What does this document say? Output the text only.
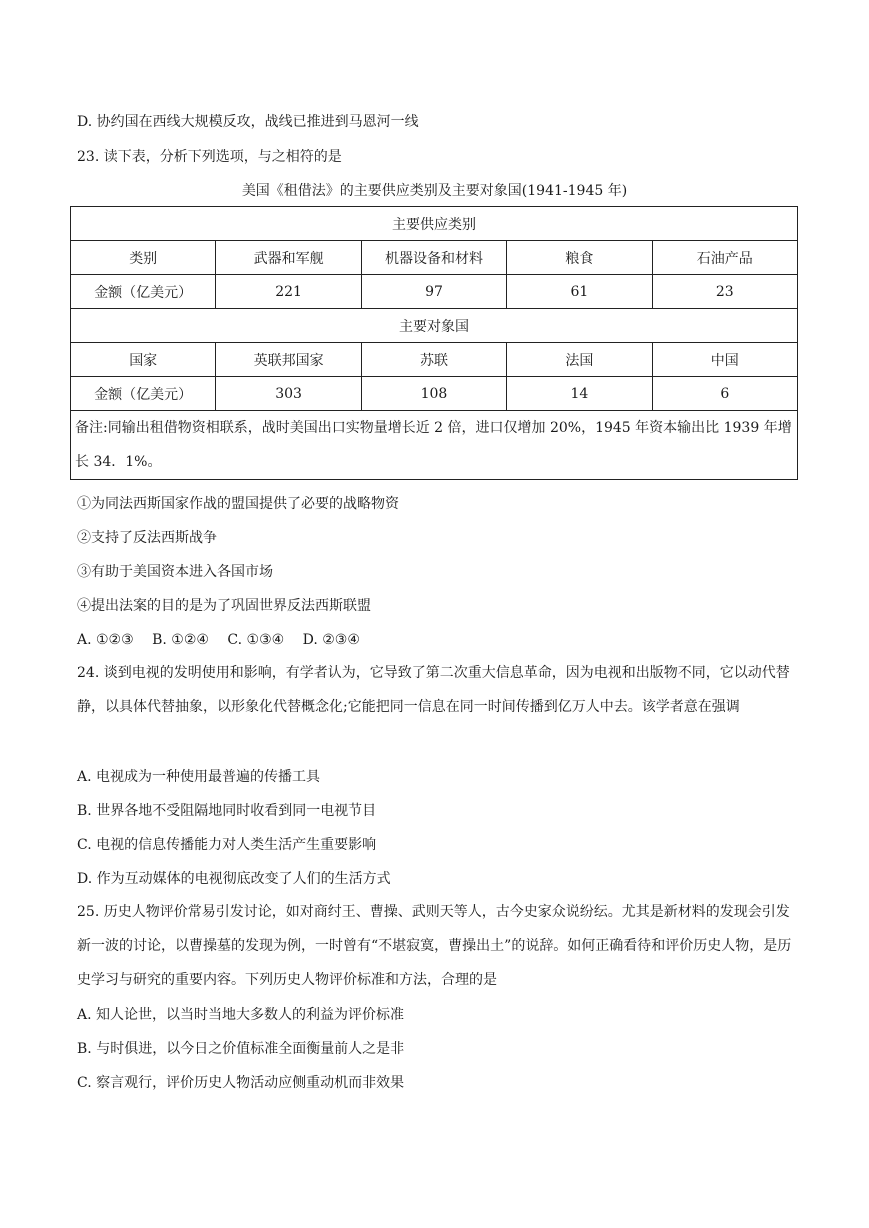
D. 协约国在西线大规模反攻，战线已推进到马恩河一线
23. 读下表，分析下列选项，与之相符的是
美国《租借法》的主要供应类别及主要对象国(1941-1945 年)
主要供应类别				
类别	武器和军舰	机器设备和材料	粮食	石油产品
金额（亿美元）	221	97	61	23
主要对象国				
国家	英联邦国家	苏联	法国	中国
金额（亿美元）	303	108	14	6
备注:同输出租借物资相联系，战时美国出口实物量增长近 2 倍，进口仅增加 20%，1945 年资本输出比 1939 年增长 34．1%。				
①为同法西斯国家作战的盟国提供了必要的战略物资
②支持了反法西斯战争
③有助于美国资本进入各国市场
④提出法案的目的是为了巩固世界反法西斯联盟
A. ①②③　 B. ①②④　 C. ①③④　 D. ②③④
24. 谈到电视的发明使用和影响，有学者认为，它导致了第二次重大信息革命，因为电视和出版物不同，它以动代替静，以具体代替抽象，以形象化代替概念化;它能把同一信息在同一时间传播到亿万人中去。该学者意在强调
A. 电视成为一种使用最普遍的传播工具
B. 世界各地不受阻隔地同时收看到同一电视节目
C. 电视的信息传播能力对人类生活产生重要影响
D. 作为互动媒体的电视彻底改变了人们的生活方式
25. 历史人物评价常易引发讨论，如对商纣王、曹操、武则天等人，古今史家众说纷纭。尤其是新材料的发现会引发新一波的讨论，以曹操墓的发现为例，一时曾有“不堪寂寞，曹操出土”的说辞。如何正确看待和评价历史人物，是历史学习与研究的重要内容。下列历史人物评价标准和方法，合理的是
A. 知人论世，以当时当地大多数人的利益为评价标准
B. 与时俱进，以今日之价值标准全面衡量前人之是非
C. 察言观行，评价历史人物活动应侧重动机而非效果
